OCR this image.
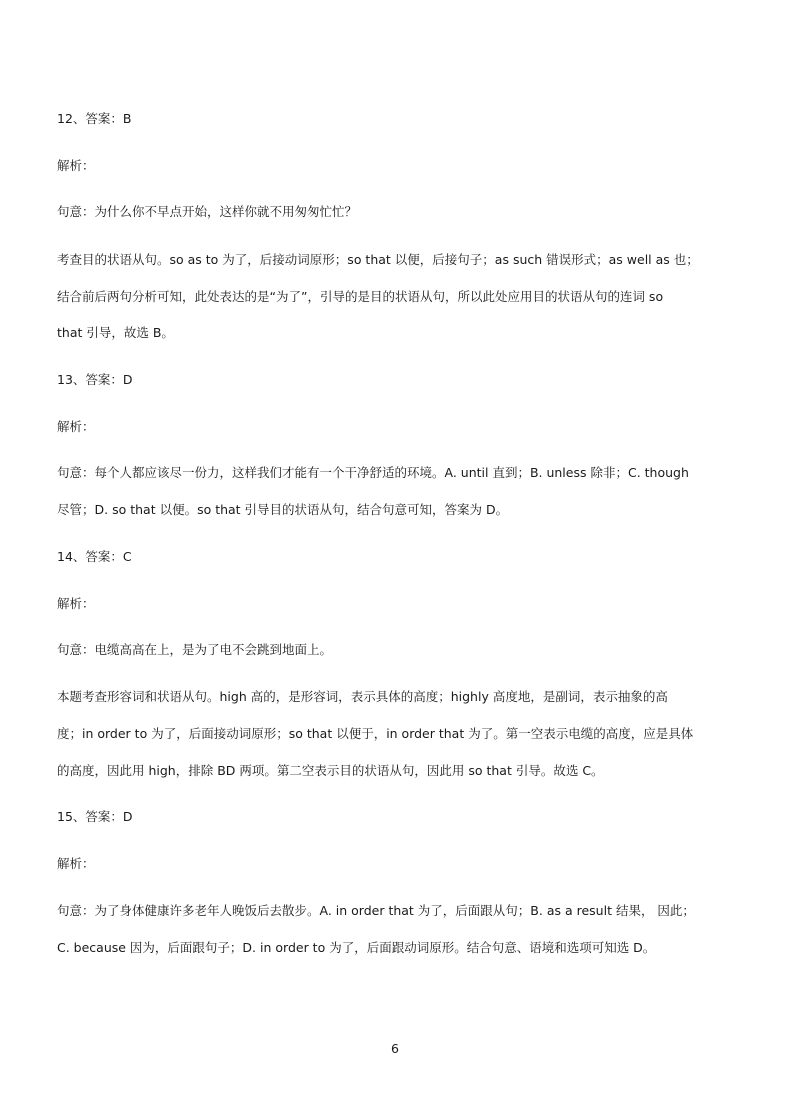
12、答案：B
解析：
句意：为什么你不早点开始，这样你就不用匆匆忙忙？
考查目的状语从句。so as to 为了，后接动词原形；so that 以便，后接句子；as such 错误形式；as well as 也；
结合前后两句分析可知，此处表达的是“为了”，引导的是目的状语从句，所以此处应用目的状语从句的连词 so
that 引导，故选 B。
13、答案：D
解析：
句意：每个人都应该尽一份力，这样我们才能有一个干净舒适的环境。A. until 直到；B. unless 除非；C. though
尽管；D. so that 以便。so that 引导目的状语从句，结合句意可知，答案为 D。
14、答案：C
解析：
句意：电缆高高在上，是为了电不会跳到地面上。
本题考查形容词和状语从句。high 高的，是形容词，表示具体的高度；highly 高度地，是副词，表示抽象的高
度；in order to 为了，后面接动词原形；so that 以便于，in order that 为了。第一空表示电缆的高度，应是具体
的高度，因此用 high，排除 BD 两项。第二空表示目的状语从句，因此用 so that 引导。故选 C。
15、答案：D
解析：
句意：为了身体健康许多老年人晚饭后去散步。A. in order that 为了，后面跟从句；B. as a result 结果， 因此；
C. because 因为，后面跟句子；D. in order to 为了，后面跟动词原形。结合句意、语境和选项可知选 D。
6
